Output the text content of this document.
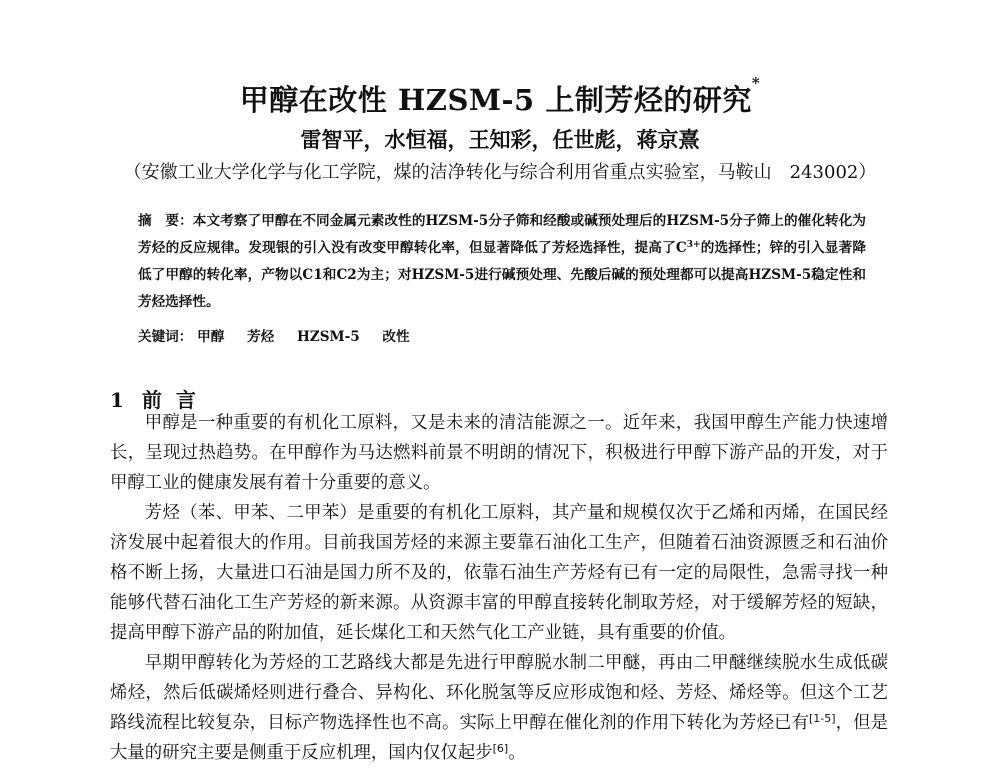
甲醇在改性 HZSM-5 上制芳烃的研究*
雷智平，水恒福，王知彩，任世彪，蒋京熹
（安徽工业大学化学与化工学院，煤的洁净转化与综合利用省重点实验室，马鞍山　243002）
摘　要：本文考察了甲醇在不同金属元素改性的HZSM-5分子筛和经酸或碱预处理后的HZSM-5分子筛上的催化转化为芳烃的反应规律。发现银的引入没有改变甲醇转化率，但显著降低了芳烃选择性，提高了$C^{3+}$的选择性；锌的引入显著降低了甲醇的转化率，产物以C1和C2为主；对HZSM-5进行碱预处理、先酸后碱的预处理都可以提高HZSM-5稳定性和芳烃选择性。
关键词： 甲醇 芳烃 HZSM-5 改性
1 前言

甲醇是一种重要的有机化工原料，又是未来的清洁能源之一。近年来，我国甲醇生产能力快速增长，呈现过热趋势。在甲醇作为马达燃料前景不明朗的情况下，积极进行甲醇下游产品的开发，对于甲醇工业的健康发展有着十分重要的意义。

芳烃（苯、甲苯、二甲苯）是重要的有机化工原料，其产量和规模仅次于乙烯和丙烯，在国民经济发展中起着很大的作用。目前我国芳烃的来源主要靠石油化工生产，但随着石油资源匮乏和石油价格不断上扬，大量进口石油是国力所不及的，依靠石油生产芳烃有已有一定的局限性，急需寻找一种能够代替石油化工生产芳烃的新来源。从资源丰富的甲醇直接转化制取芳烃，对于缓解芳烃的短缺，提高甲醇下游产品的附加值，延长煤化工和天然气化工产业链，具有重要的价值。

早期甲醇转化为芳烃的工艺路线大都是先进行甲醇脱水制二甲醚，再由二甲醚继续脱水生成低碳烯烃，然后低碳烯烃则进行叠合、异构化、环化脱氢等反应形成饱和烃、芳烃、烯烃等。但这个工艺路线流程比较复杂，目标产物选择性也不高。实际上甲醇在催化剂的作用下转化为芳烃已有[1-5]，但是大量的研究主要是侧重于反应机理，国内仅仅起步[6]。
